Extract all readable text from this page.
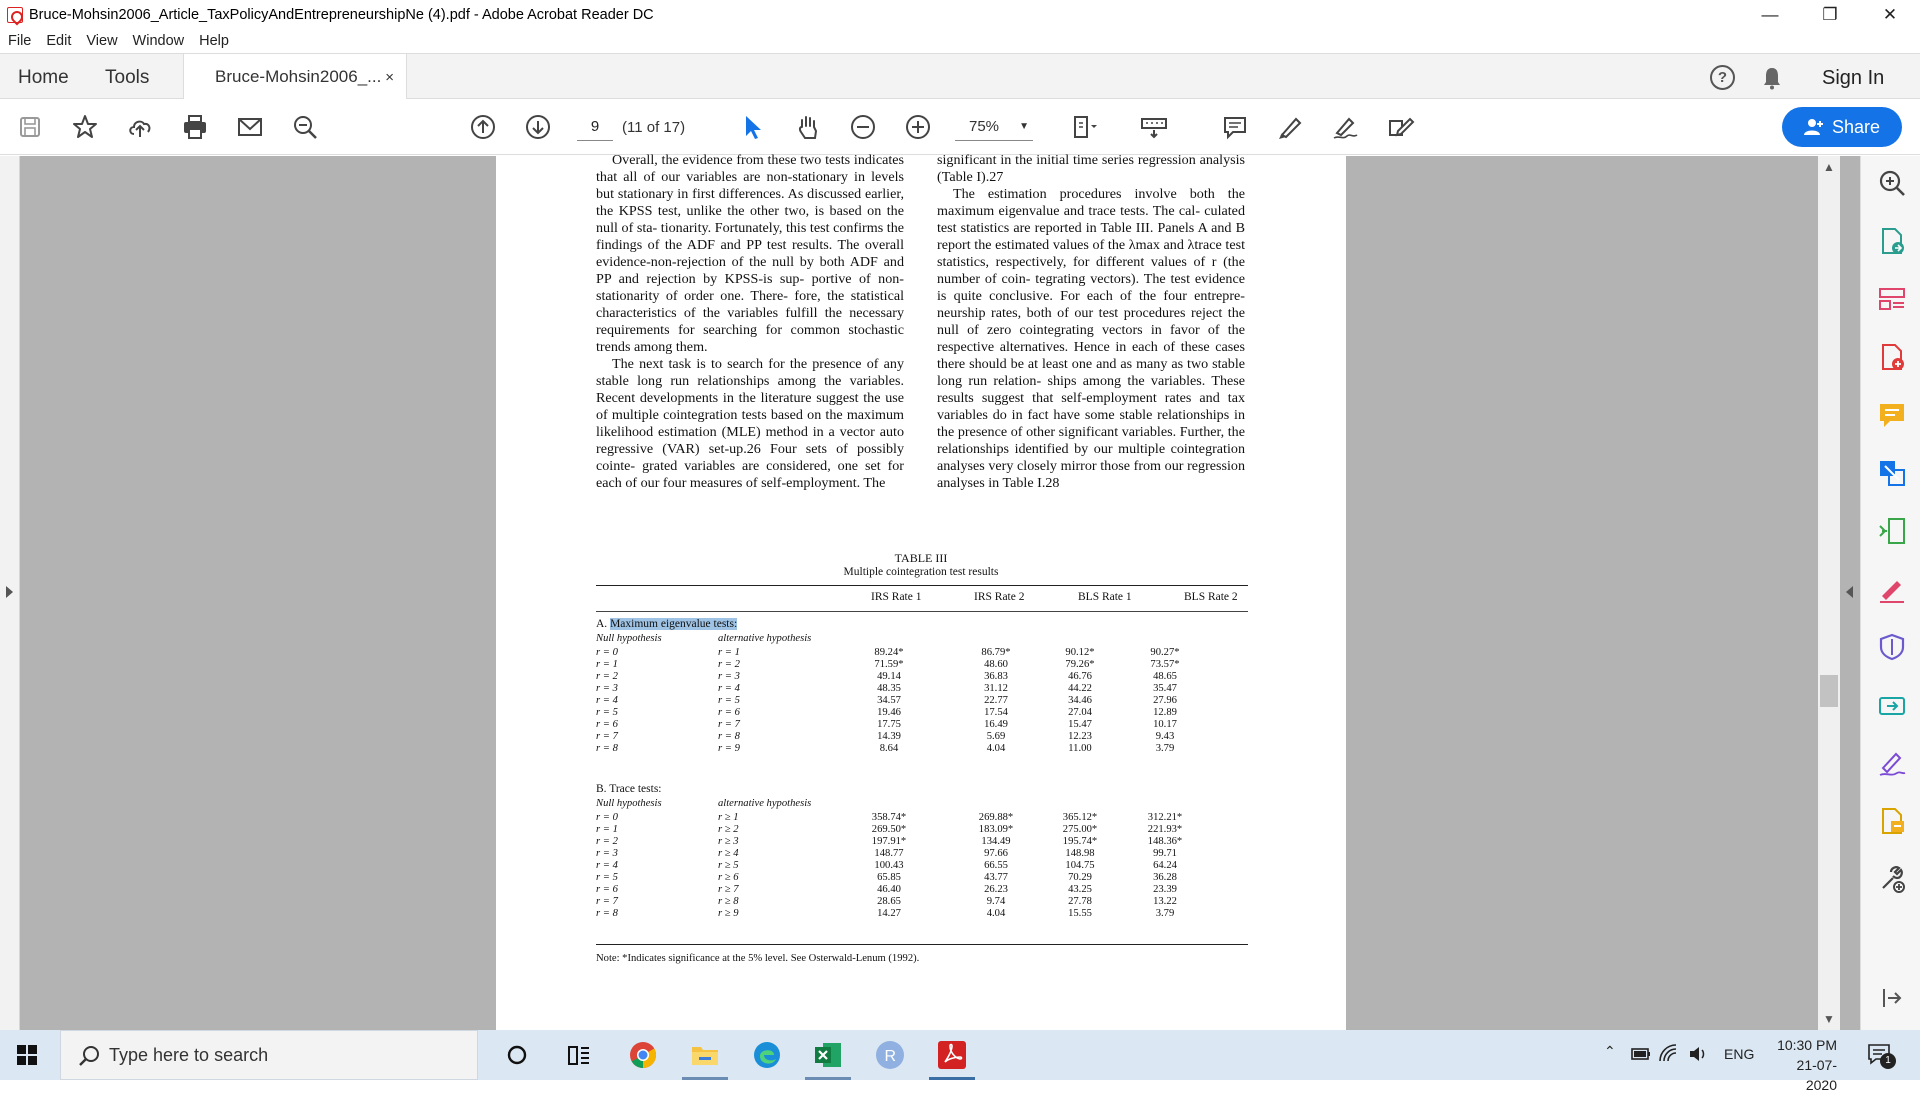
Bruce-Mohsin2006_Article_TaxPolicyAndEntrepreneurshipNe (4).pdf - Adobe Acrobat Reader DC	—	❐	✕
File Edit View Window Help
Home Tools	Bruce-Mohsin2006_... ×	?	Sign In
9	(11 of 17)	75% ▼	Share

Overall, the evidence from these two tests indicates that all of our variables are non-stationary in levels but stationary in first differences. As discussed earlier, the KPSS test, unlike the other two, is based on the null of sta- tionarity. Fortunately, this test confirms the findings of the ADF and PP test results. The overall evidence-non-rejection of the null by both ADF and PP and rejection by KPSS-is sup- portive of non-stationarity of order one. There- fore, the statistical characteristics of the variables fulfill the necessary requirements for searching for common stochastic trends among them.

The next task is to search for the presence of any stable long run relationships among the variables. Recent developments in the literature suggest the use of multiple cointegration tests based on the maximum likelihood estimation (MLE) method in a vector auto regressive (VAR) set-up.26 Four sets of possibly cointe- grated variables are considered, one set for each of our four measures of self-employment. The

significant in the initial time series regression analysis (Table I).27

The estimation procedures involve both the maximum eigenvalue and trace tests. The cal- culated test statistics are reported in Table III. Panels A and B report the estimated values of the λmax and λtrace test statistics, respectively, for different values of r (the number of coin- tegrating vectors). The test evidence is quite conclusive. For each of the four entrepre- neurship rates, both of our test procedures reject the null of zero cointegrating vectors in favor of the respective alternatives. Hence in each of these cases there should be at least one and as many as two stable long run relation- ships among the variables. These results suggest that self-employment rates and tax variables do in fact have some stable relationships in the presence of other significant variables. Further, the relationships identified by our multiple cointegration analyses very closely mirror those from our regression analyses in Table I.28

TABLE III
Multiple cointegration test results
IRS Rate 1	IRS Rate 2	BLS Rate 1	BLS Rate 2
A. Maximum eigenvalue tests:
Null hypothesis	alternative hypothesis
r = 0	r = 1	89.24*	86.79*	90.12*	90.27*
r = 1	r = 2	71.59*	48.60	79.26*	73.57*
r = 2	r = 3	49.14	36.83	46.76	48.65
r = 3	r = 4	48.35	31.12	44.22	35.47
r = 4	r = 5	34.57	22.77	34.46	27.96
r = 5	r = 6	19.46	17.54	27.04	12.89
r = 6	r = 7	17.75	16.49	15.47	10.17
r = 7	r = 8	14.39	5.69	12.23	9.43
r = 8	r = 9	8.64	4.04	11.00	3.79
B. Trace tests:
Null hypothesis	alternative hypothesis
r = 0	r ≥ 1	358.74*	269.88*	365.12*	312.21*
r = 1	r ≥ 2	269.50*	183.09*	275.00*	221.93*
r = 2	r ≥ 3	197.91*	134.49	195.74*	148.36*
r = 3	r ≥ 4	148.77	97.66	148.98	99.71
r = 4	r ≥ 5	100.43	66.55	104.75	64.24
r = 5	r ≥ 6	65.85	43.77	70.29	36.28
r = 6	r ≥ 7	46.40	26.23	43.25	23.39
r = 7	r ≥ 8	28.65	9.74	27.78	13.22
r = 8	r ≥ 9	14.27	4.04	15.55	3.79
Note: *Indicates significance at the 5% level. See Osterwald-Lenum (1992).
▲
▼
Type here to search	R	⌃	ENG
10:30 PM
21-07-2020
1
